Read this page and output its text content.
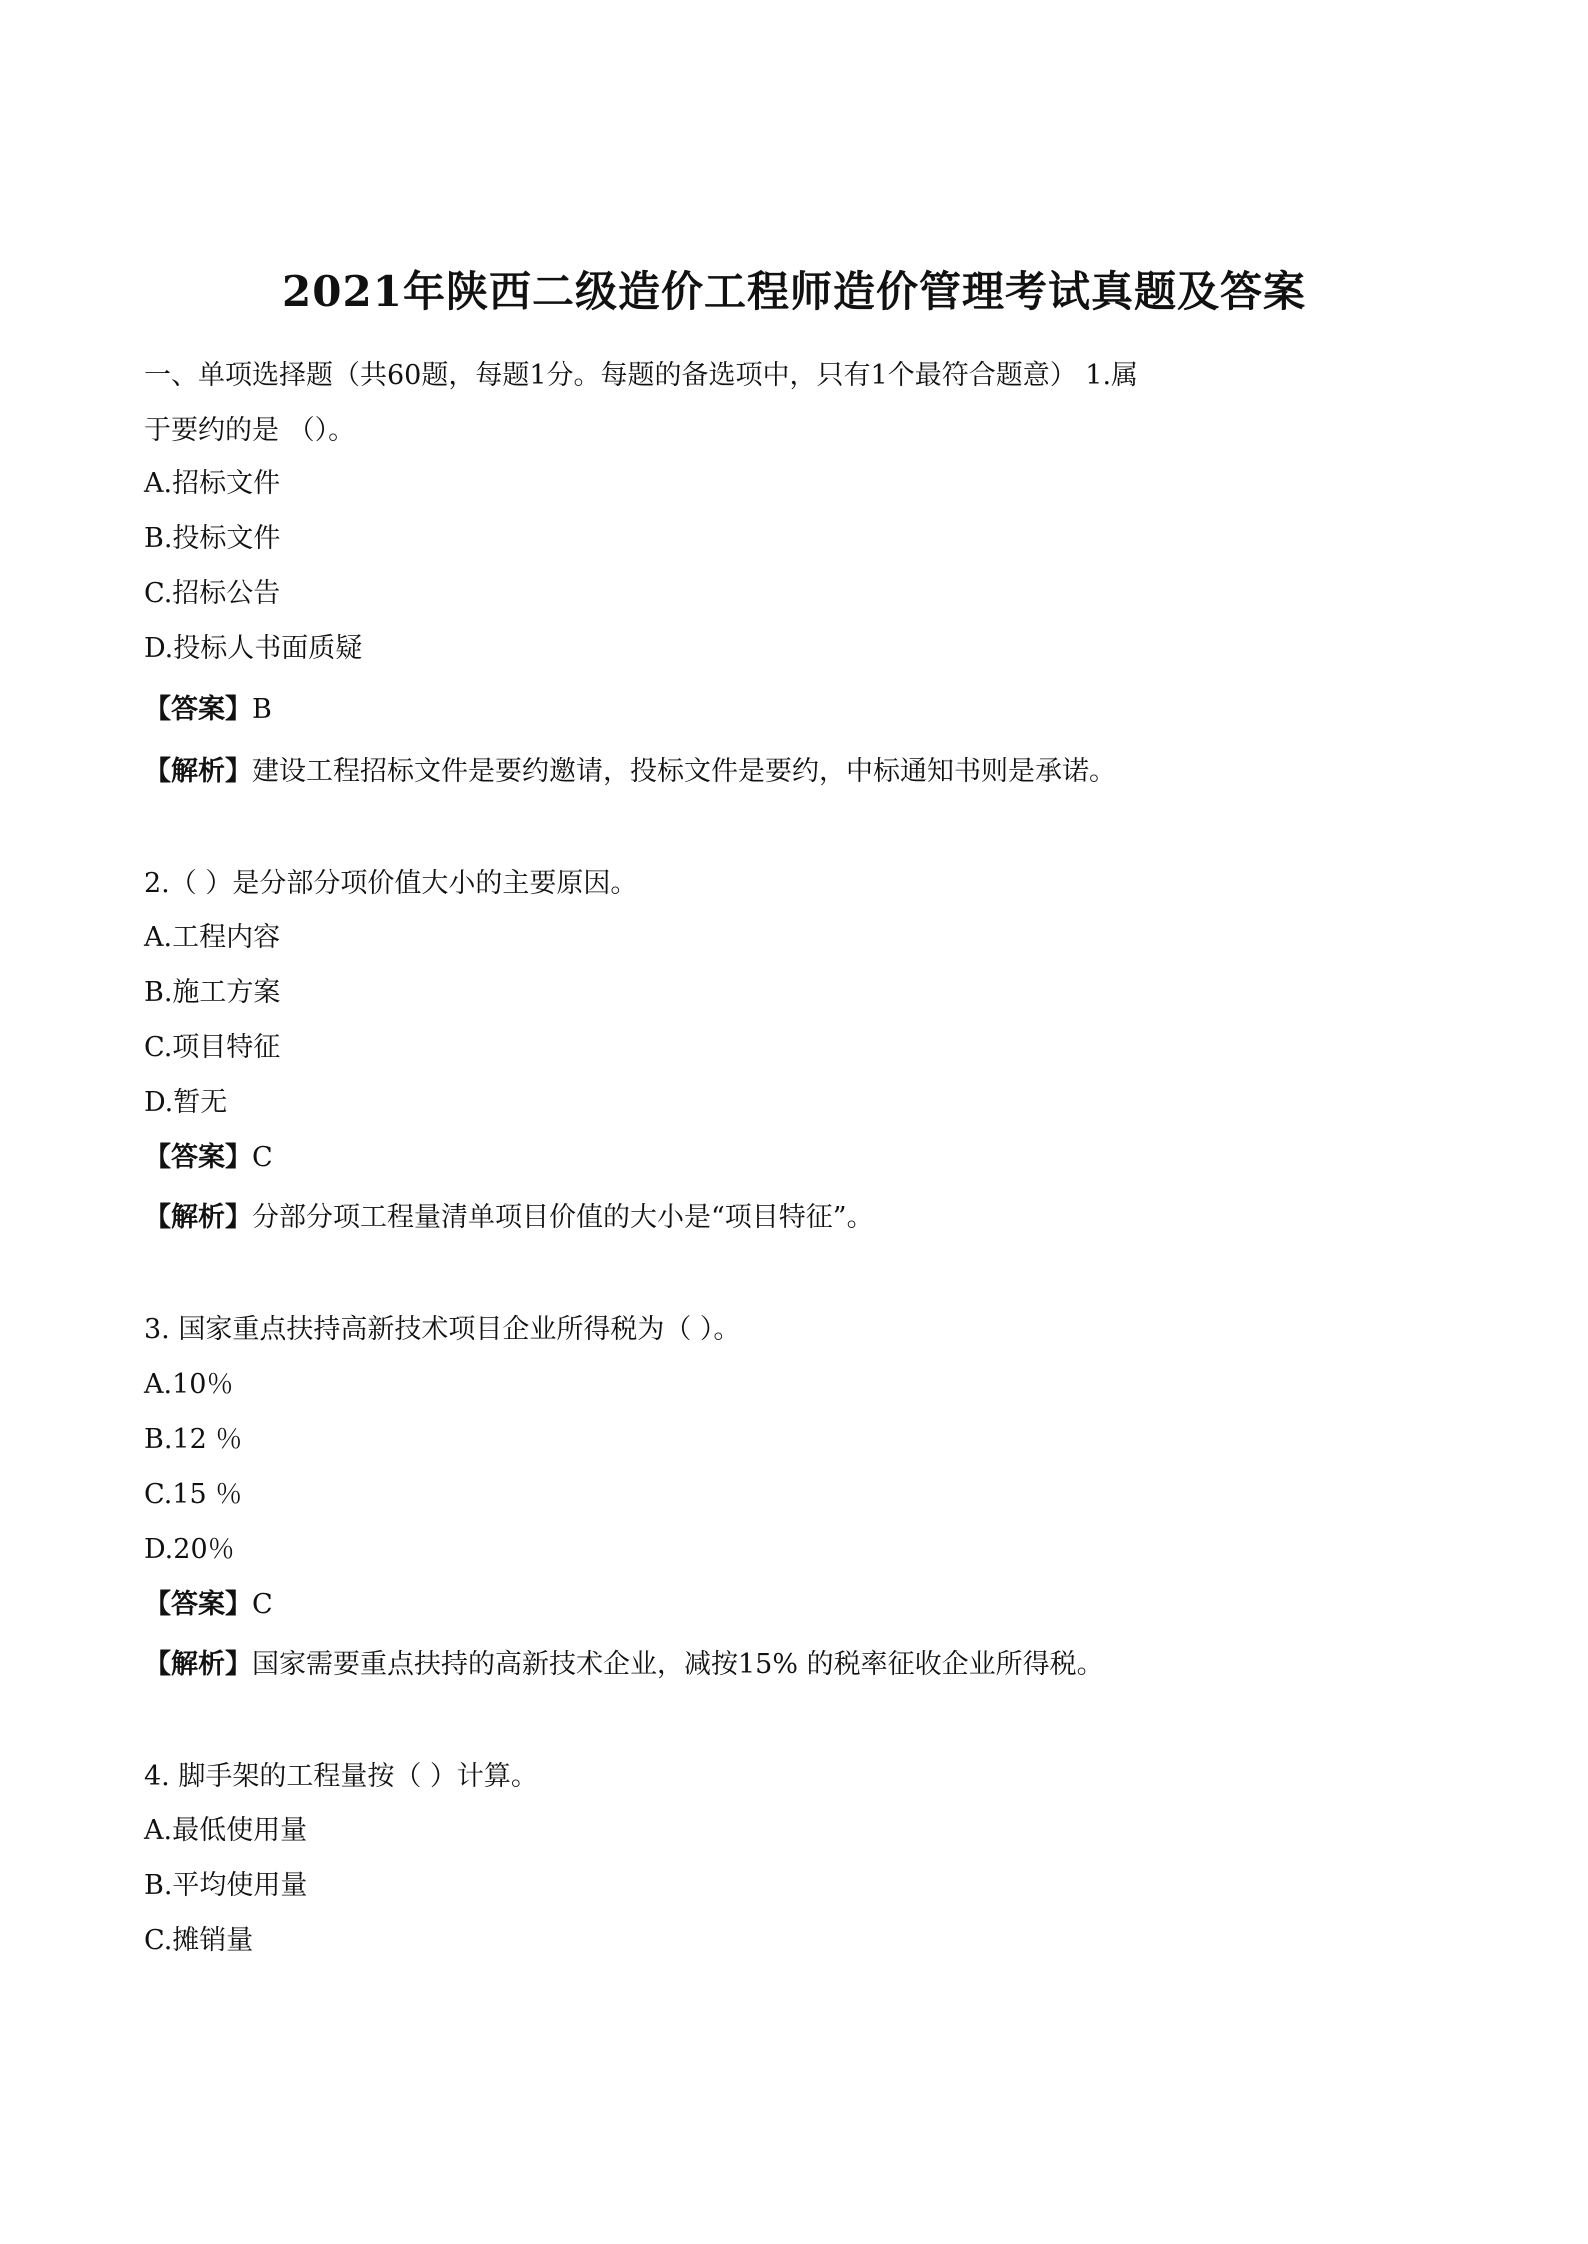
2021年陕西二级造价工程师造价管理考试真题及答案
一、单项选择题（共60题，每题1分。每题的备选项中，只有1个最符合题意） 1.属
于要约的是 （）。
A.招标文件
B.投标文件
C.招标公告
D.投标人书面质疑
【答案】B
【解析】建设工程招标文件是要约邀请，投标文件是要约，中标通知书则是承诺。
2.（ ）是分部分项价值大小的主要原因。
A.工程内容
B.施工方案
C.项目特征
D.暂无
【答案】C
【解析】分部分项工程量清单项目价值的大小是“项目特征”。
3. 国家重点扶持高新技术项目企业所得税为（ ）。
A.10％
B.12 ％
C.15 ％
D.20％
【答案】C
【解析】国家需要重点扶持的高新技术企业，减按15% 的税率征收企业所得税。
4. 脚手架的工程量按（ ）计算。
A.最低使用量
B.平均使用量
C.摊销量
